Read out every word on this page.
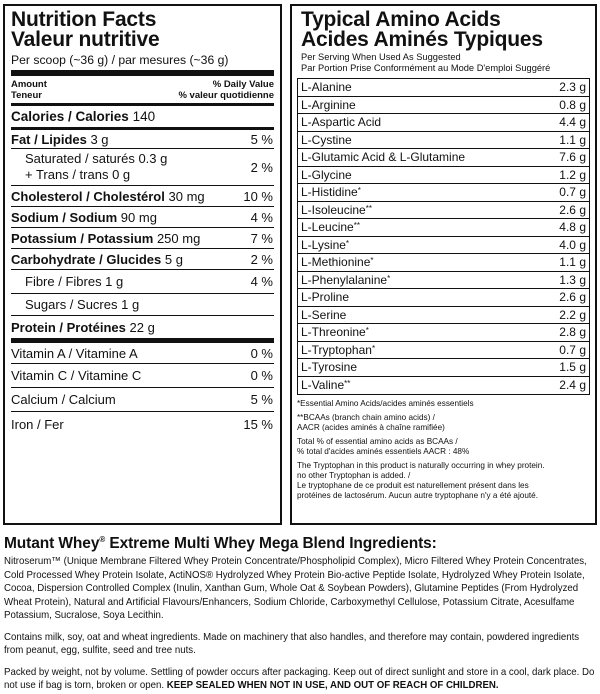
Nutrition Facts
Valeur nutritive
Per scoop (~36 g) / par mesures (~36 g)
Amount
Teneur
% Daily Value
% valeur quotidienne
Calories / Calories 140
Fat / Lipides 3 g	5 %
Saturated / saturés 0.3 g
+ Trans / trans 0 g	2 %
Cholesterol / Cholestérol 30 mg	10 %
Sodium / Sodium 90 mg	4 %
Potassium / Potassium 250 mg	7 %
Carbohydrate / Glucides 5 g	2 %
Fibre / Fibres 1 g	4 %
Sugars / Sucres 1 g
Protein / Protéines 22 g
Vitamin A / Vitamine A	0 %
Vitamin C / Vitamine C	0 %
Calcium / Calcium	5 %
Iron / Fer	15 %
Typical Amino Acids
Acides Aminés Typiques
Per Serving When Used As Suggested
Par Portion Prise Conformément au Mode D'emploi Suggéré
L-Alanine	2.3 g
L-Arginine	0.8 g
L-Aspartic Acid	4.4 g
L-Cystine	1.1 g
L-Glutamic Acid & L-Glutamine	7.6 g
L-Glycine	1.2 g
L-Histidine*	0.7 g
L-Isoleucine**	2.6 g
L-Leucine**	4.8 g
L-Lysine*	4.0 g
L-Methionine*	1.1 g
L-Phenylalanine*	1.3 g
L-Proline	2.6 g
L-Serine	2.2 g
L-Threonine*	2.8 g
L-Tryptophan*	0.7 g
L-Tyrosine	1.5 g
L-Valine**	2.4 g

*Essential Amino Acids/acides aminés essentiels

**BCAAs (branch chain amino acids) /
AACR (acides aminés à chaîne ramifiée)

Total % of essential amino acids as BCAAs /
% total d'acides aminés essentiels AACR : 48%

The Tryptophan in this product is naturally occurring in whey protein.
no other Tryptophan is added. /
Le tryptophane de ce produit est naturellement présent dans les
protéines de lactosérum. Aucun autre tryptophane n'y a été ajouté.

Mutant Whey® Extreme Multi Whey Mega Blend Ingredients:
Nitroserum™ (Unique Membrane Filtered Whey Protein Concentrate/Phospholipid Complex), Micro Filtered Whey Protein Concentrates, Cold Processed Whey Protein Isolate, ActiNOS® Hydrolyzed Whey Protein Bio-active Peptide Isolate, Hydrolyzed Whey Protein Isolate, Cocoa, Dispersion Controlled Complex (Inulin, Xanthan Gum, Whole Oat & Soybean Powders), Glutamine Peptides (From Hydrolyzed Wheat Protein), Natural and Artificial Flavours/Enhancers, Sodium Chloride, Carboxymethyl Cellulose, Potassium Citrate, Acesulfame Potassium, Sucralose, Soya Lecithin.
Contains milk, soy, oat and wheat ingredients. Made on machinery that also handles, and therefore may contain, powdered ingredients from peanut, egg, sulfite, seed and tree nuts.
Packed by weight, not by volume. Settling of powder occurs after packaging. Keep out of direct sunlight and store in a cool, dark place. Do not use if bag is torn, broken or open. KEEP SEALED WHEN NOT IN USE, AND OUT OF REACH OF CHILDREN.
